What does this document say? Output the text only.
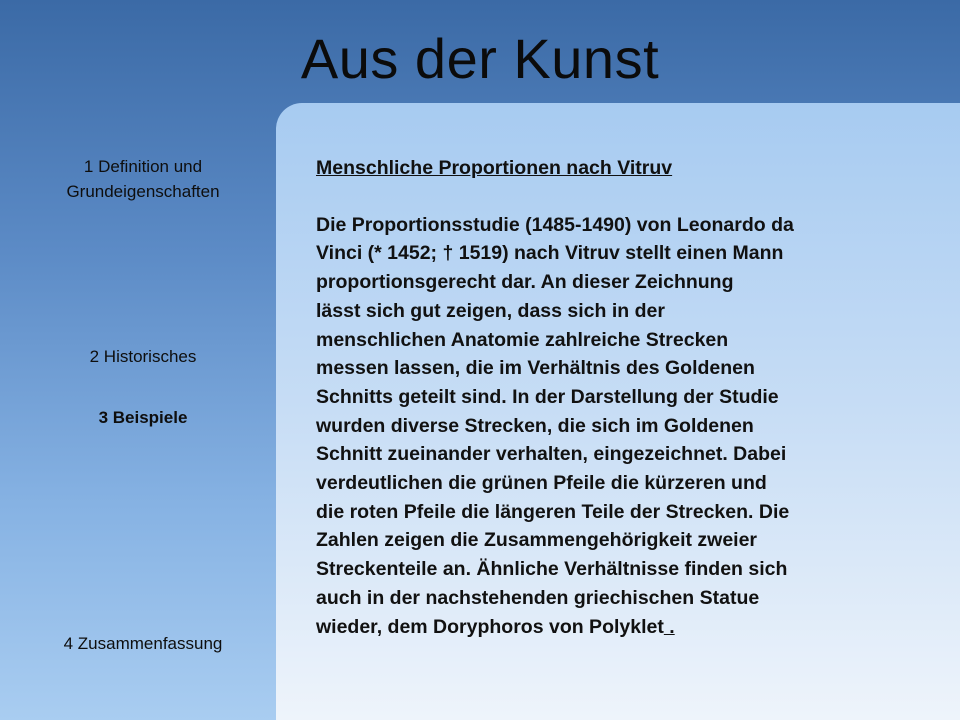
Aus der Kunst
1 Definition und
Grundeigenschaften
2 Historisches
3 Beispiele
4 Zusammenfassung
Menschliche Proportionen nach Vitruv
Die Proportionsstudie (1485-1490) von Leonardo da
Vinci (* 1452; † 1519) nach Vitruv stellt einen Mann
proportionsgerecht dar. An dieser Zeichnung
lässt sich gut zeigen, dass sich in der
menschlichen Anatomie zahlreiche Strecken
messen lassen, die im Verhältnis des Goldenen
Schnitts geteilt sind. In der Darstellung der Studie
wurden diverse Strecken, die sich im Goldenen
Schnitt zueinander verhalten, eingezeichnet. Dabei
verdeutlichen die grünen Pfeile die kürzeren und
die roten Pfeile die längeren Teile der Strecken. Die
Zahlen zeigen die Zusammengehörigkeit zweier
Streckenteile an. Ähnliche Verhältnisse finden sich
auch in der nachstehenden griechischen Statue
wieder, dem Doryphoros von Polyklet .
